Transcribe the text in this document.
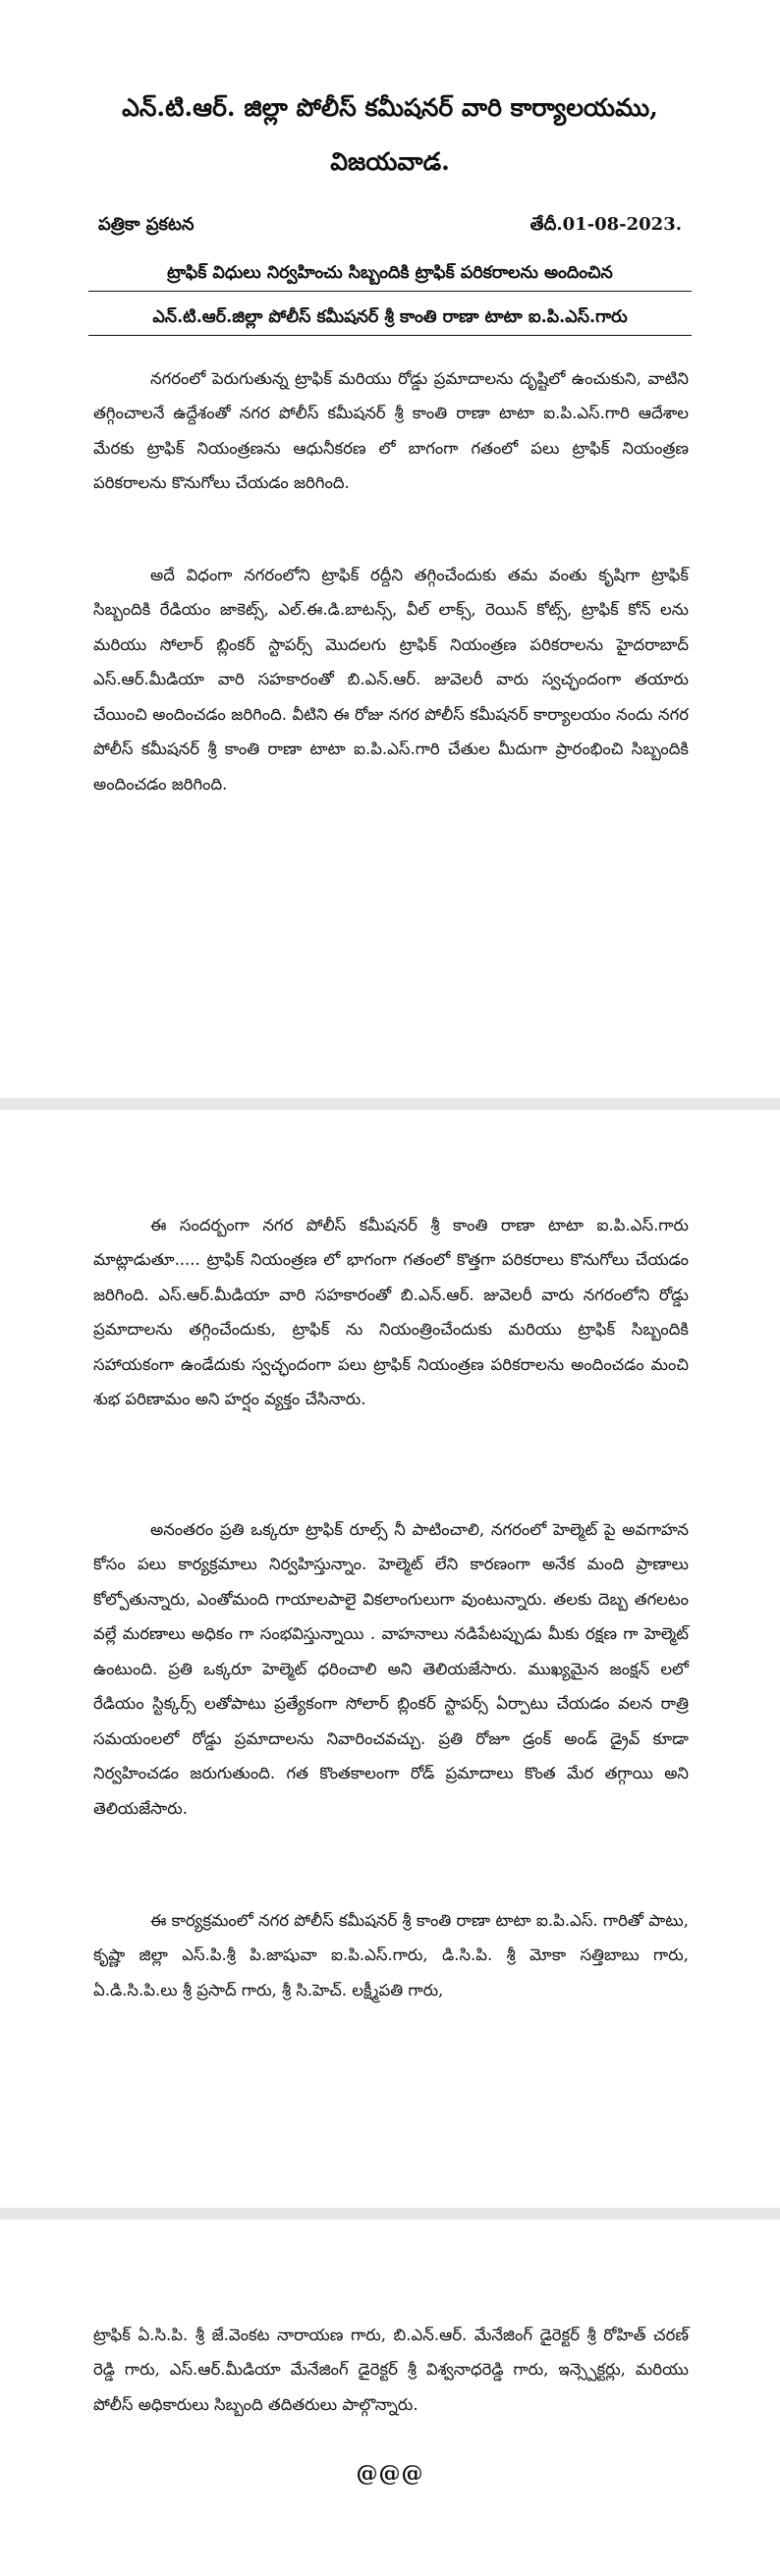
ఎన్.టి.ఆర్. జిల్లా పోలీస్ కమీషనర్ వారి కార్యాలయము,
విజయవాడ.

పత్రికా ప్రకటన	తేదీ.01-08-2023.

ట్రాఫిక్ విధులు నిర్వహించు సిబ్బందికి ట్రాఫిక్ పరికరాలను అందించిన

ఎన్.టి.ఆర్.జిల్లా పోలీస్ కమీషనర్ శ్రీ కాంతి రాణా టాటా ఐ.పి.ఎస్.గారు

నగరంలో పెరుగుతున్న ట్రాఫిక్ మరియు రోడ్డు ప్రమాదాలను దృష్టిలో ఉంచుకుని, వాటిని తగ్గించాలనే ఉద్దేశంతో నగర పోలీస్ కమీషనర్ శ్రీ కాంతి రాణా టాటా ఐ.పి.ఎస్.గారి ఆదేశాల మేరకు ట్రాఫిక్ నియంత్రణను ఆధునీకరణ లో బాగంగా గతంలో పలు ట్రాఫిక్ నియంత్రణ పరికరాలను కొనుగోలు చేయడం జరిగింది.

అదే విధంగా నగరంలోని ట్రాఫిక్ రద్దీని తగ్గించేందుకు తమ వంతు కృషిగా ట్రాఫిక్ సిబ్బందికి రేడియం జాకెట్స్, ఎల్.ఈ.డి.బాటన్స్, వీల్ లాక్స్, రెయిన్ కోట్స్, ట్రాఫిక్ కోన్ లను మరియు సోలార్ బ్లింకర్ స్టాపర్స్ మొదలగు ట్రాఫిక్ నియంత్రణ పరికరాలను హైదరాబాద్ ఎస్.ఆర్.మీడియా వారి సహకారంతో బి.ఎన్.ఆర్. జువెలరీ వారు స్వచ్ఛందంగా తయారు చేయించి అందించడం జరిగింది. వీటిని ఈ రోజు నగర పోలీస్ కమీషనర్ కార్యాలయం నందు నగర పోలీస్ కమీషనర్ శ్రీ కాంతి రాణా టాటా ఐ.పి.ఎస్.గారి చేతుల మీదుగా ప్రారంభించి సిబ్బందికి అందించడం జరిగింది.

ఈ సందర్బంగా నగర పోలీస్ కమీషనర్ శ్రీ కాంతి రాణా టాటా ఐ.పి.ఎస్.గారు మాట్లాడుతూ..... ట్రాఫిక్ నియంత్రణ లో భాగంగా గతంలో కొత్తగా పరికరాలు కొనుగోలు చేయడం జరిగింది. ఎస్.ఆర్.మీడియా వారి సహకారంతో బి.ఎన్.ఆర్. జువెలరీ వారు నగరంలోని రోడ్డు ప్రమాదాలను తగ్గించేందుకు, ట్రాఫిక్ ను నియంత్రించేందుకు మరియు ట్రాఫిక్ సిబ్బందికి సహాయకంగా ఉండేదుకు స్వచ్ఛందంగా పలు ట్రాఫిక్ నియంత్రణ పరికరాలను అందించడం మంచి శుభ పరిణామం అని హర్షం వ్యక్తం చేసినారు.

అనంతరం ప్రతి ఒక్కరూ ట్రాఫిక్ రూల్స్ నీ పాటించాలి, నగరంలో హెల్మెట్ పై అవగాహన కోసం పలు కార్యక్రమాలు నిర్వహిస్తున్నాం. హెల్మెట్ లేని కారణంగా అనేక మంది ప్రాణాలు కోల్పోతున్నారు, ఎంతోమంది గాయాలపాలై వికలాంగులుగా వుంటున్నారు. తలకు దెబ్బ తగలటం వల్లే మరణాలు అధికం గా సంభవిస్తున్నాయి . వాహనాలు నడిపేటప్పుడు మీకు రక్షణ గా హెల్మెట్ ఉంటుంది. ప్రతి ఒక్కరూ హెల్మెట్ ధరించాలి అని తెలియజేసారు. ముఖ్యమైన జంక్షన్ లలో రేడియం స్టిక్కర్స్ లతోపాటు ప్రత్యేకంగా సోలార్ బ్లింకర్ స్టాపర్స్ ఏర్పాటు చేయడం వలన రాత్రి సమయంలలో రోడ్డు ప్రమాదాలను నివారించవచ్చు. ప్రతి రోజూ డ్రంక్ అండ్ డ్రైవ్ కూడా నిర్వహించడం జరుగుతుంది. గత కొంతకాలంగా రోడ్ ప్రమాదాలు కొంత మేర తగ్గాయి అని తెలియజేసారు.

ఈ కార్యక్రమంలో నగర పోలీస్ కమీషనర్ శ్రీ కాంతి రాణా టాటా ఐ.పి.ఎస్. గారితో పాటు, కృష్ణా జిల్లా ఎస్.పి.శ్రీ పి.జాషువా ఐ.పి.ఎస్.గారు, డి.సి.పి. శ్రీ మోకా సత్తిబాబు గారు, ఏ.డి.సి.పి.లు శ్రీ ప్రసాద్ గారు, శ్రీ సి.హెచ్. లక్ష్మీపతి గారు,

ట్రాఫిక్ ఏ.సి.పి. శ్రీ జే.వెంకట నారాయణ గారు, బి.ఎన్.ఆర్. మేనేజింగ్ డైరెక్టర్ శ్రీ రోహిత్ చరణ్ రెడ్డి గారు, ఎస్.ఆర్.మీడియా మేనేజింగ్ డైరెక్టర్ శ్రీ విశ్వనాధరెడ్డి గారు, ఇన్స్పెక్టర్లు, మరియు పోలీస్ అధికారులు సిబ్బంది తదితరులు పాల్గొన్నారు.

@@@
